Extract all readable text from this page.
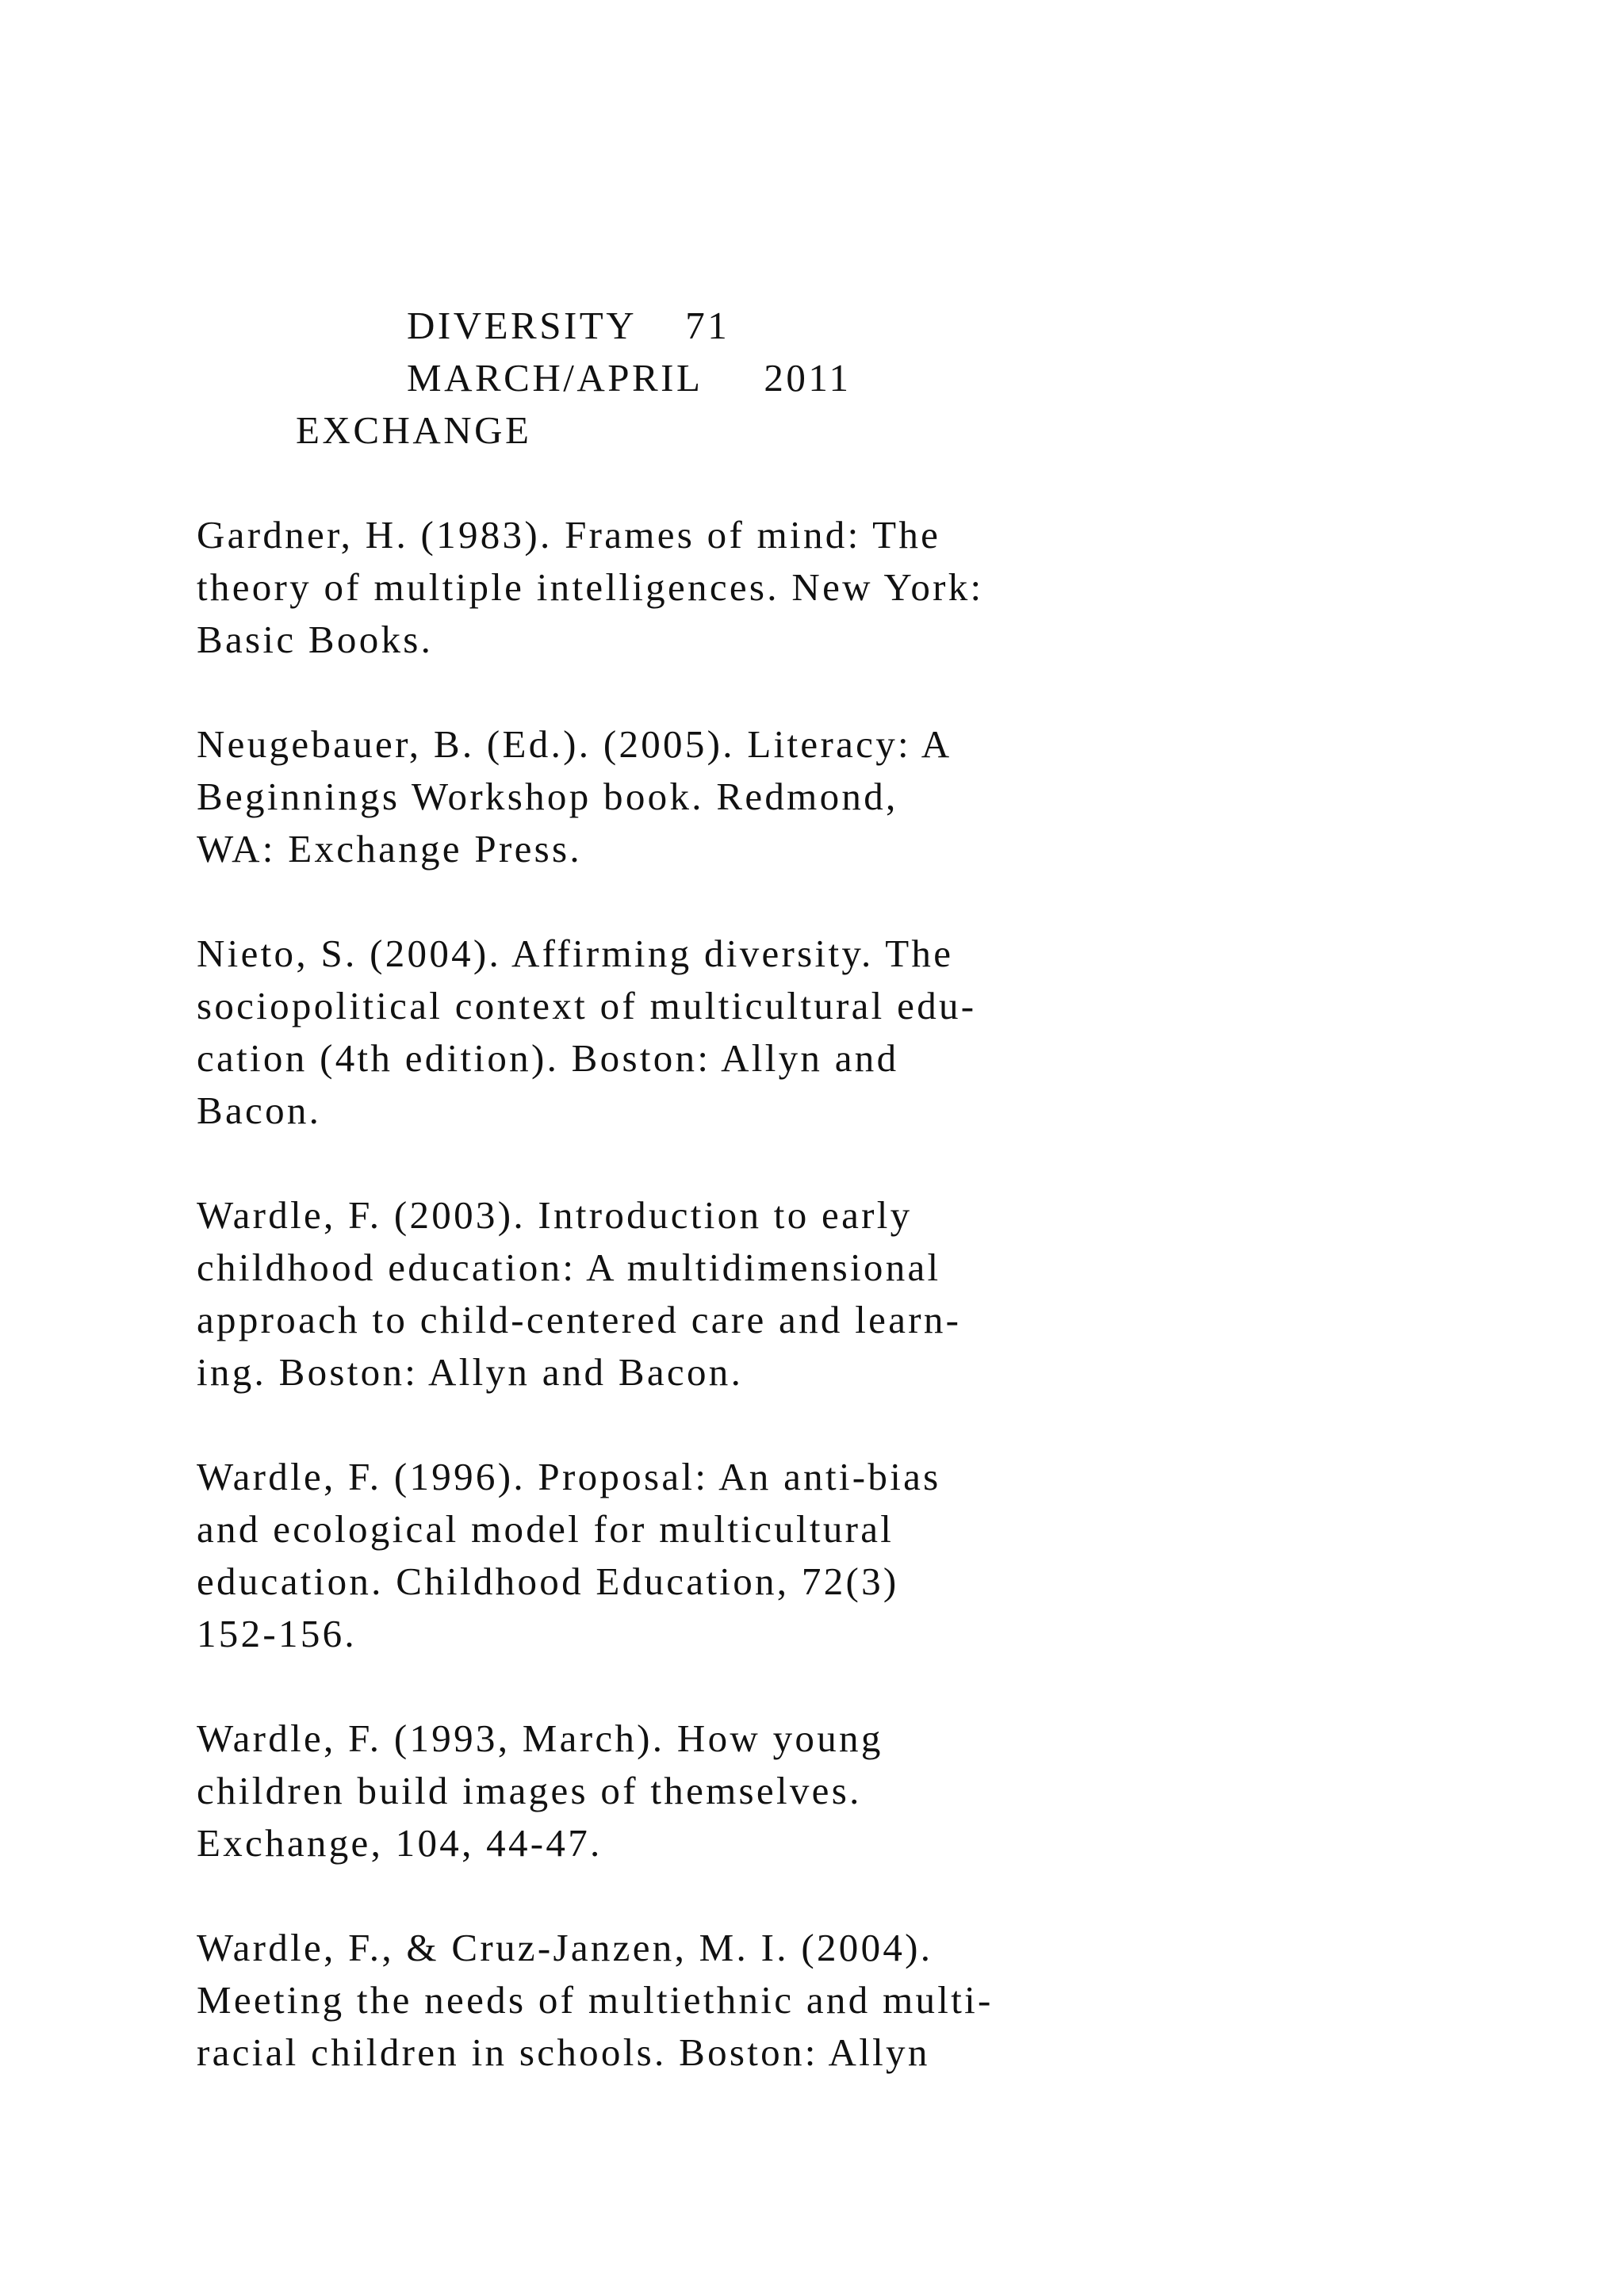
DIVERSITY    71
MARCH/APRIL     2011
EXCHANGE
Gardner, H. (1983). Frames of mind: The
theory of multiple intelligences. New York:
Basic Books.
Neugebauer, B. (Ed.). (2005). Literacy: A
Beginnings Workshop book. Redmond,
WA: Exchange Press.
Nieto, S. (2004). Affirming diversity. The
sociopolitical context of multicultural edu-
cation (4th edition). Boston: Allyn and
Bacon.
Wardle, F. (2003). Introduction to early
childhood education: A multidimensional
approach to child-centered care and learn-
ing. Boston: Allyn and Bacon.
Wardle, F. (1996). Proposal: An anti-bias
and ecological model for multicultural
education. Childhood Education, 72(3)
152-156.
Wardle, F. (1993, March). How young
children build images of themselves.
Exchange, 104, 44-47.
Wardle, F., & Cruz-Janzen, M. I. (2004).
Meeting the needs of multiethnic and multi-
racial children in schools. Boston: Allyn
